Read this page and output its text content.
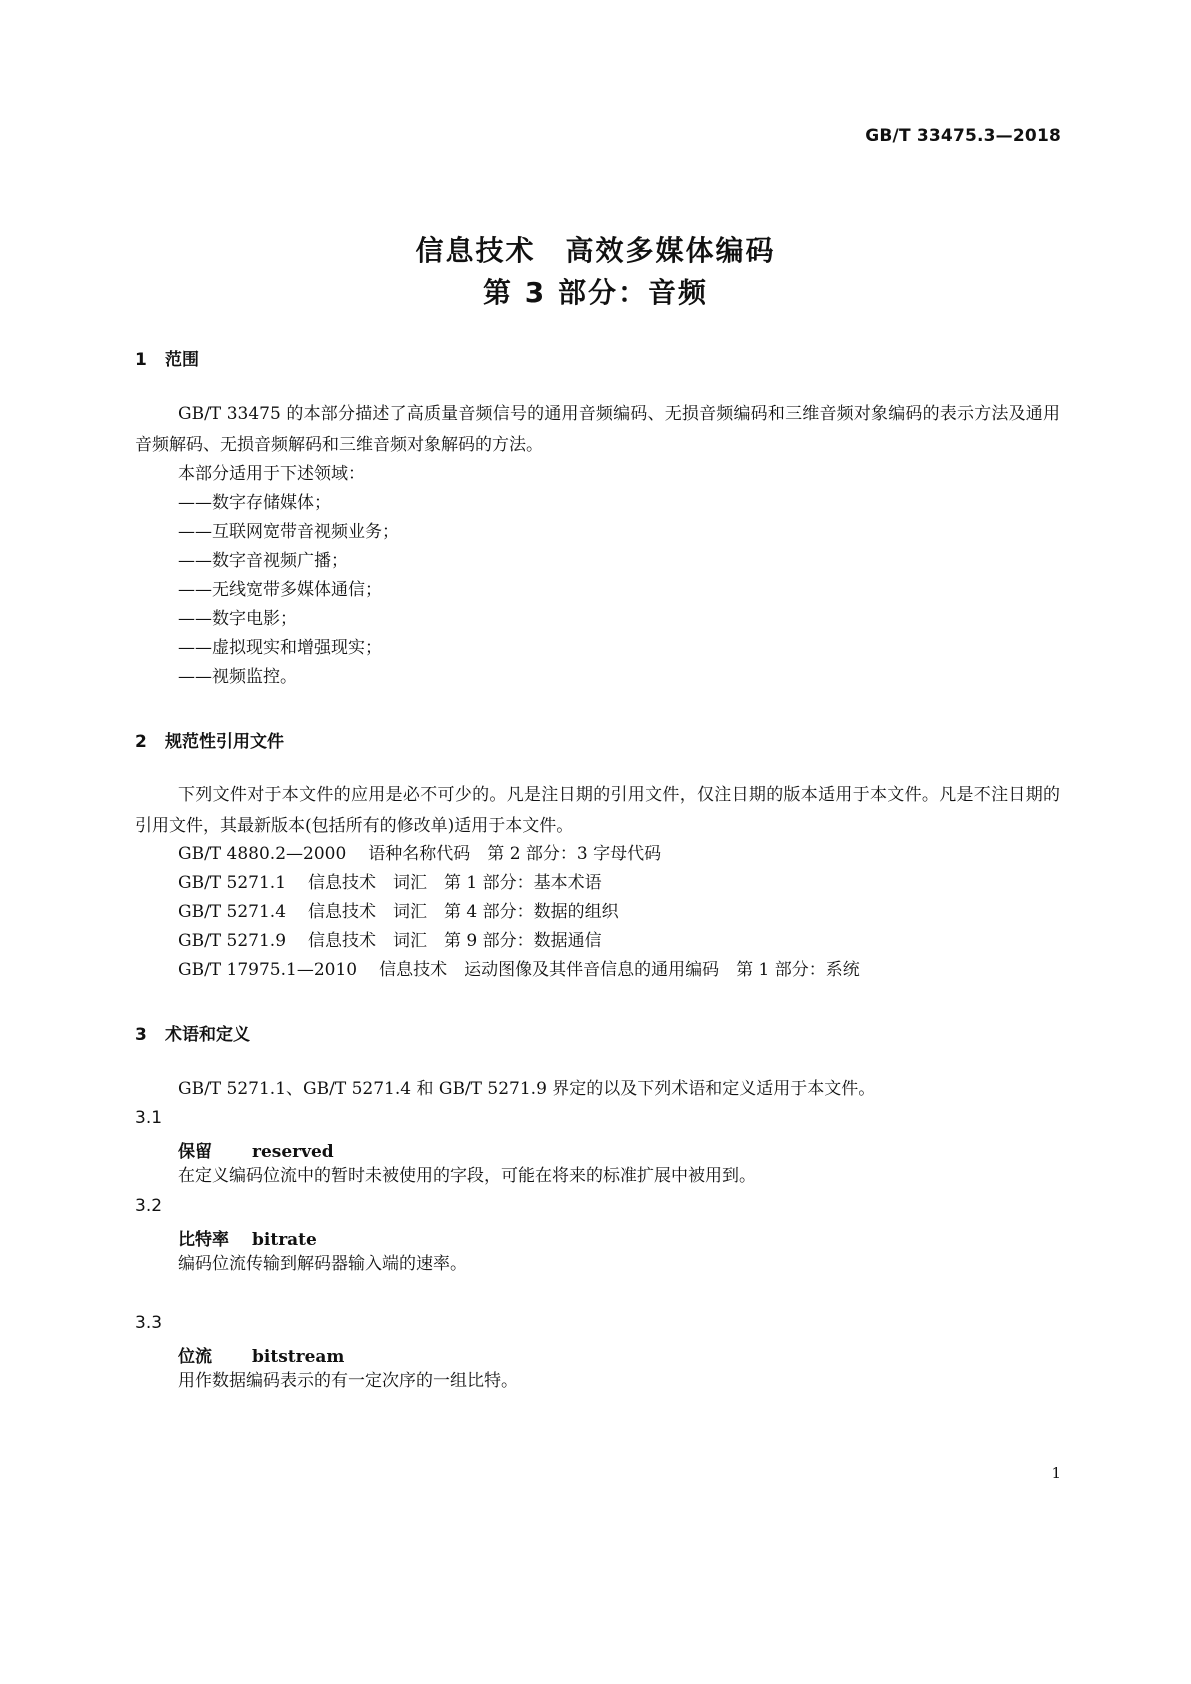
GB/T 33475.3—2018
信息技术　高效多媒体编码
第 3 部分：音频
1 范围
GB/T 33475 的本部分描述了高质量音频信号的通用音频编码、无损音频编码和三维音频对象编码的表示方法及通用音频解码、无损音频解码和三维音频对象解码的方法。
本部分适用于下述领域：
——数字存储媒体；
——互联网宽带音视频业务；
——数字音视频广播；
——无线宽带多媒体通信；
——数字电影；
——虚拟现实和增强现实；
——视频监控。
2 规范性引用文件
下列文件对于本文件的应用是必不可少的。凡是注日期的引用文件，仅注日期的版本适用于本文件。凡是不注日期的引用文件，其最新版本(包括所有的修改单)适用于本文件。
GB/T 4880.2—2000 语种名称代码　第 2 部分：3 字母代码
GB/T 5271.1 信息技术　词汇　第 1 部分：基本术语
GB/T 5271.4 信息技术　词汇　第 4 部分：数据的组织
GB/T 5271.9 信息技术　词汇　第 9 部分：数据通信
GB/T 17975.1—2010 信息技术　运动图像及其伴音信息的通用编码　第 1 部分：系统
3 术语和定义
GB/T 5271.1、GB/T 5271.4 和 GB/T 5271.9 界定的以及下列术语和定义适用于本文件。
3.1
保留 reserved
在定义编码位流中的暂时未被使用的字段，可能在将来的标准扩展中被用到。
3.2
比特率 bitrate
编码位流传输到解码器输入端的速率。
3.3
位流 bitstream
用作数据编码表示的有一定次序的一组比特。
1
